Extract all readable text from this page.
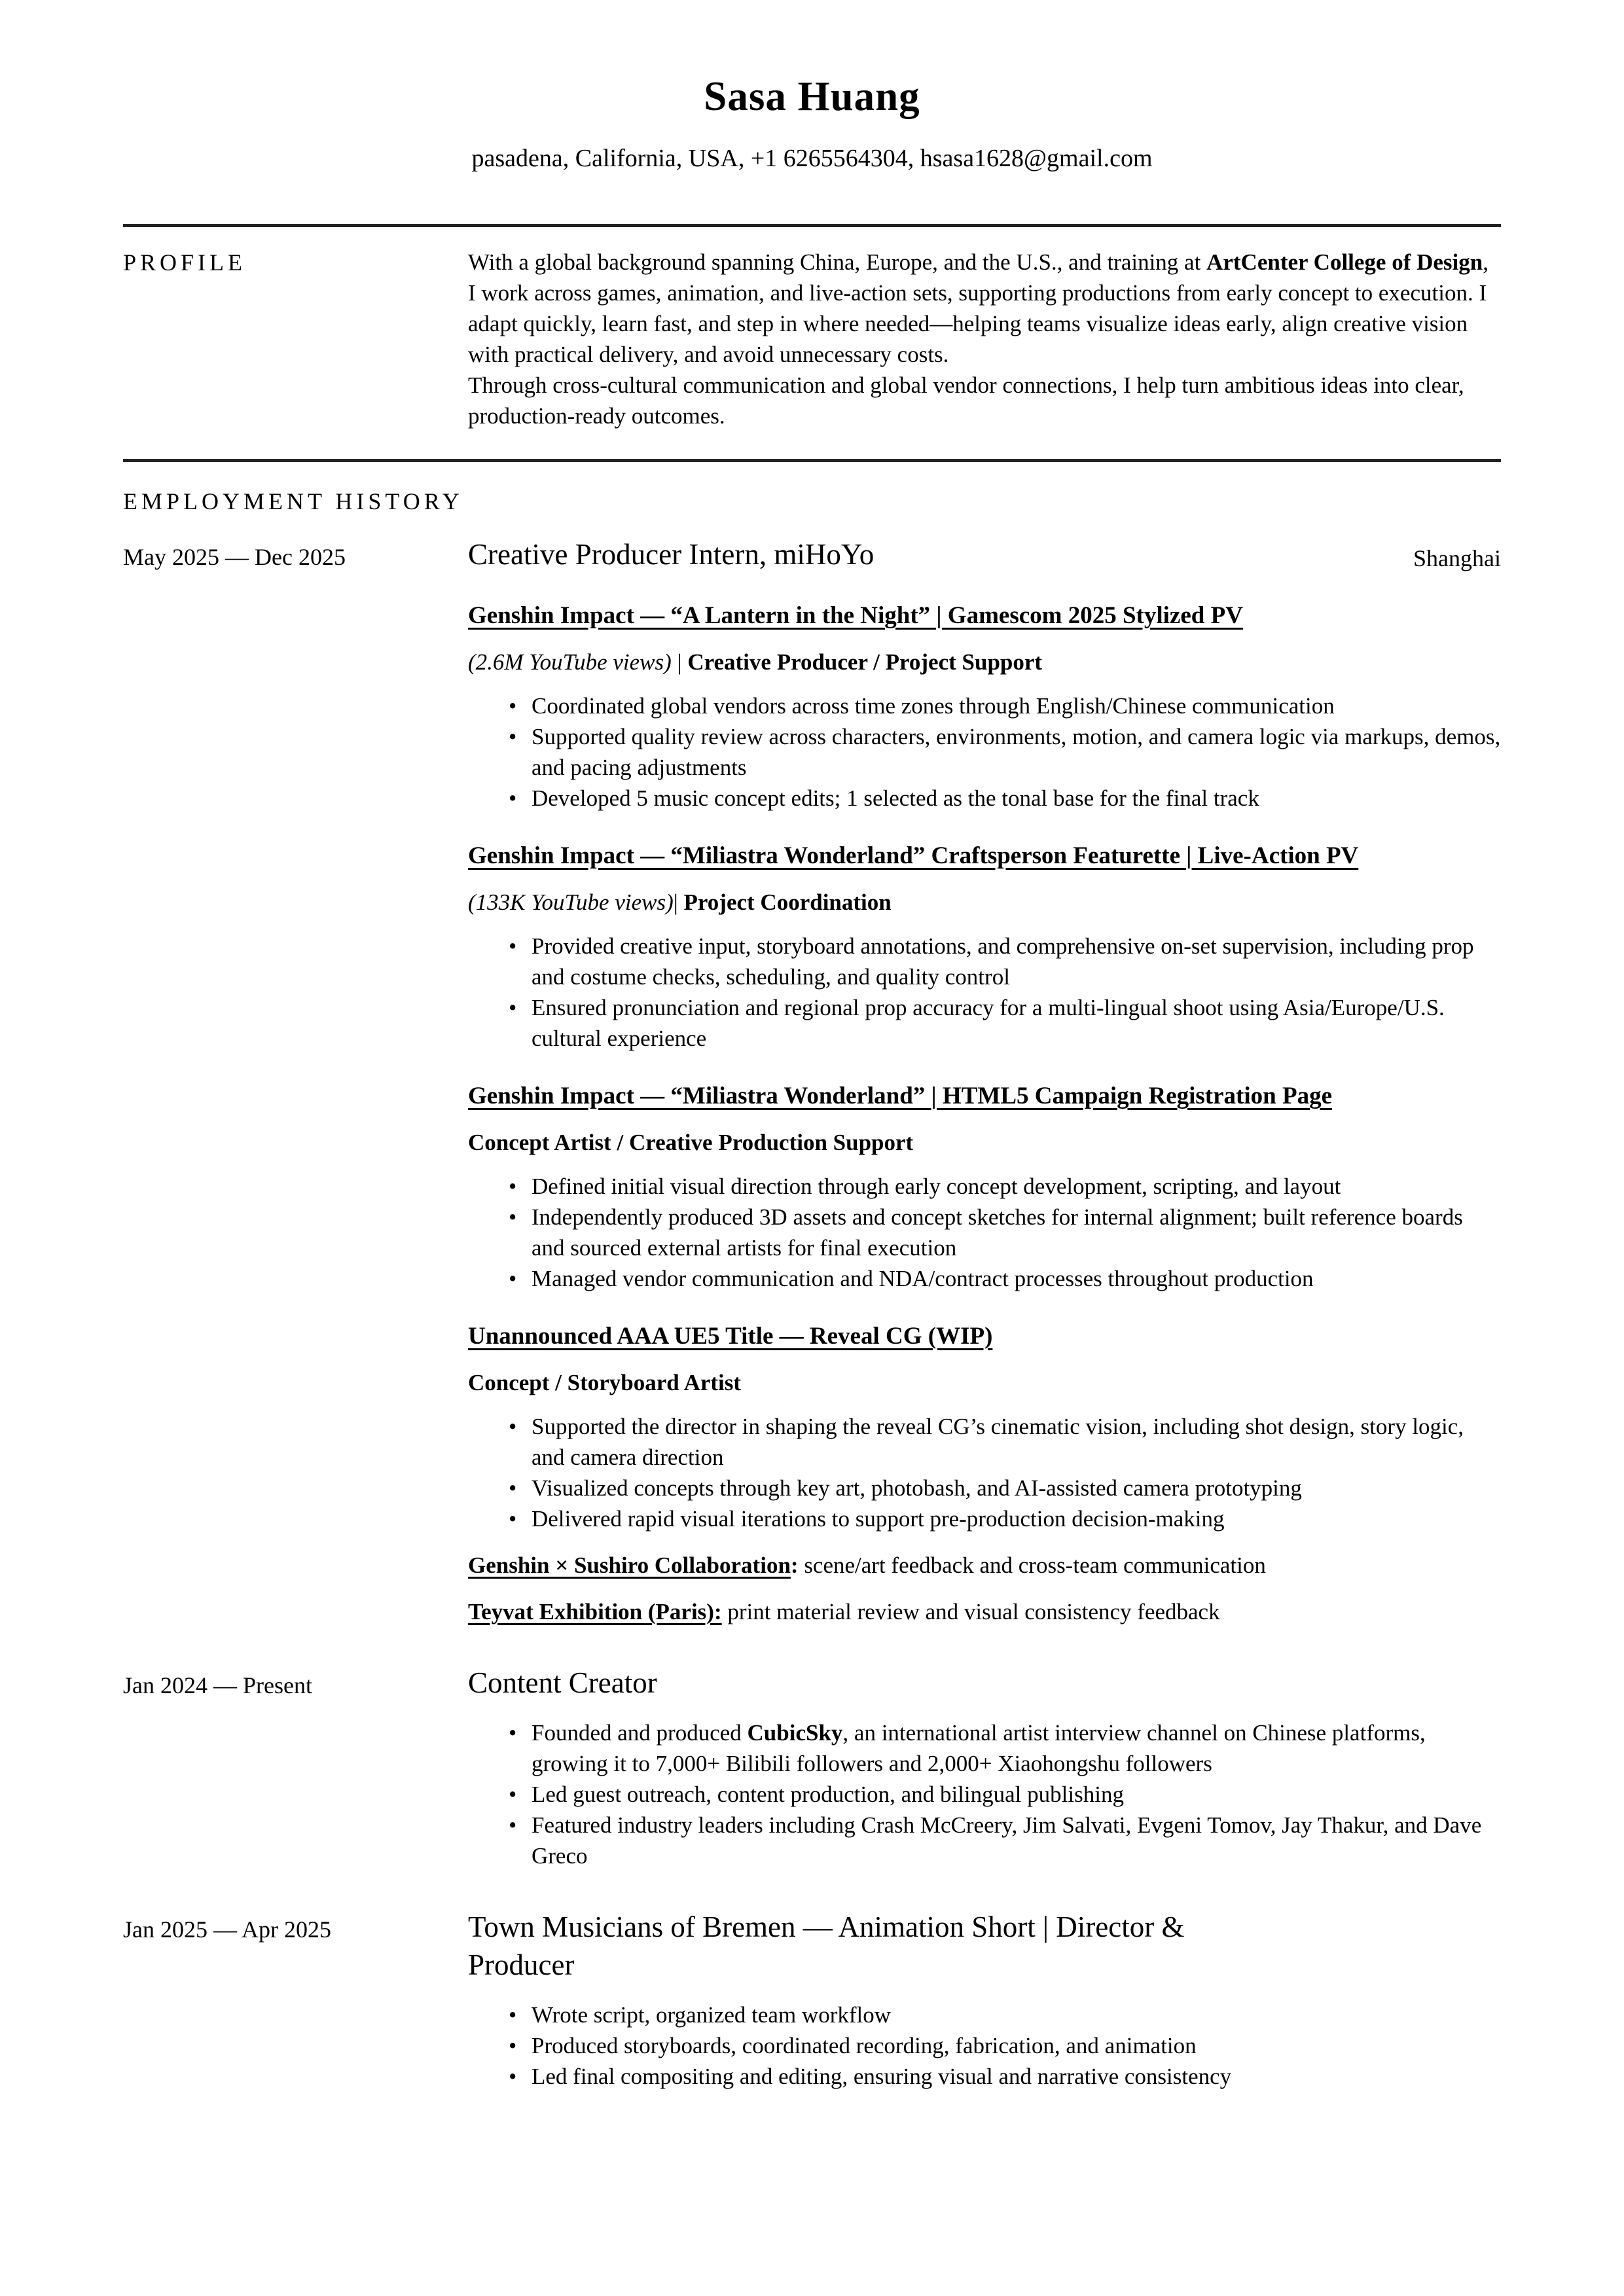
Sasa Huang
pasadena, California, USA, +1 6265564304, hsasa1628@gmail.com
PROFILE	With a global background spanning China, Europe, and the U.S., and training at ArtCenter College of Design, I work across games, animation, and live-action sets, supporting productions from early concept to execution. I adapt quickly, learn fast, and step in where needed—helping teams visualize ideas early, align creative vision with practical delivery, and avoid unnecessary costs.
Through cross-cultural communication and global vendor connections, I help turn ambitious ideas into clear, production-ready outcomes.
EMPLOYMENT HISTORY
May 2025 — Dec 2025	Creative Producer Intern, miHoYo	Shanghai
Genshin Impact — “A Lantern in the Night” | Gamescom 2025 Stylized PV
(2.6M YouTube views) | Creative Producer / Project Support
• Coordinated global vendors across time zones through English/Chinese communication
• Supported quality review across characters, environments, motion, and camera logic via markups, demos, and pacing adjustments
• Developed 5 music concept edits; 1 selected as the tonal base for the final track
Genshin Impact — “Miliastra Wonderland” Craftsperson Featurette | Live-Action PV
(133K YouTube views)| Project Coordination
• Provided creative input, storyboard annotations, and comprehensive on-set supervision, including prop and costume checks, scheduling, and quality control
• Ensured pronunciation and regional prop accuracy for a multi-lingual shoot using Asia/Europe/U.S. cultural experience
Genshin Impact — “Miliastra Wonderland” | HTML5 Campaign Registration Page
Concept Artist / Creative Production Support
• Defined initial visual direction through early concept development, scripting, and layout
• Independently produced 3D assets and concept sketches for internal alignment; built reference boards and sourced external artists for final execution
• Managed vendor communication and NDA/contract processes throughout production
Unannounced AAA UE5 Title — Reveal CG (WIP)
Concept / Storyboard Artist
• Supported the director in shaping the reveal CG’s cinematic vision, including shot design, story logic, and camera direction
• Visualized concepts through key art, photobash, and AI-assisted camera prototyping
• Delivered rapid visual iterations to support pre-production decision-making
Genshin × Sushiro Collaboration: scene/art feedback and cross-team communication
Teyvat Exhibition (Paris): print material review and visual consistency feedback
Jan 2024 — Present	Content Creator
• Founded and produced CubicSky, an international artist interview channel on Chinese platforms, growing it to 7,000+ Bilibili followers and 2,000+ Xiaohongshu followers
• Led guest outreach, content production, and bilingual publishing
• Featured industry leaders including Crash McCreery, Jim Salvati, Evgeni Tomov, Jay Thakur, and Dave Greco
Jan 2025 — Apr 2025	Town Musicians of Bremen — Animation Short | Director & Producer
• Wrote script, organized team workflow
• Produced storyboards, coordinated recording, fabrication, and animation
• Led final compositing and editing, ensuring visual and narrative consistency
